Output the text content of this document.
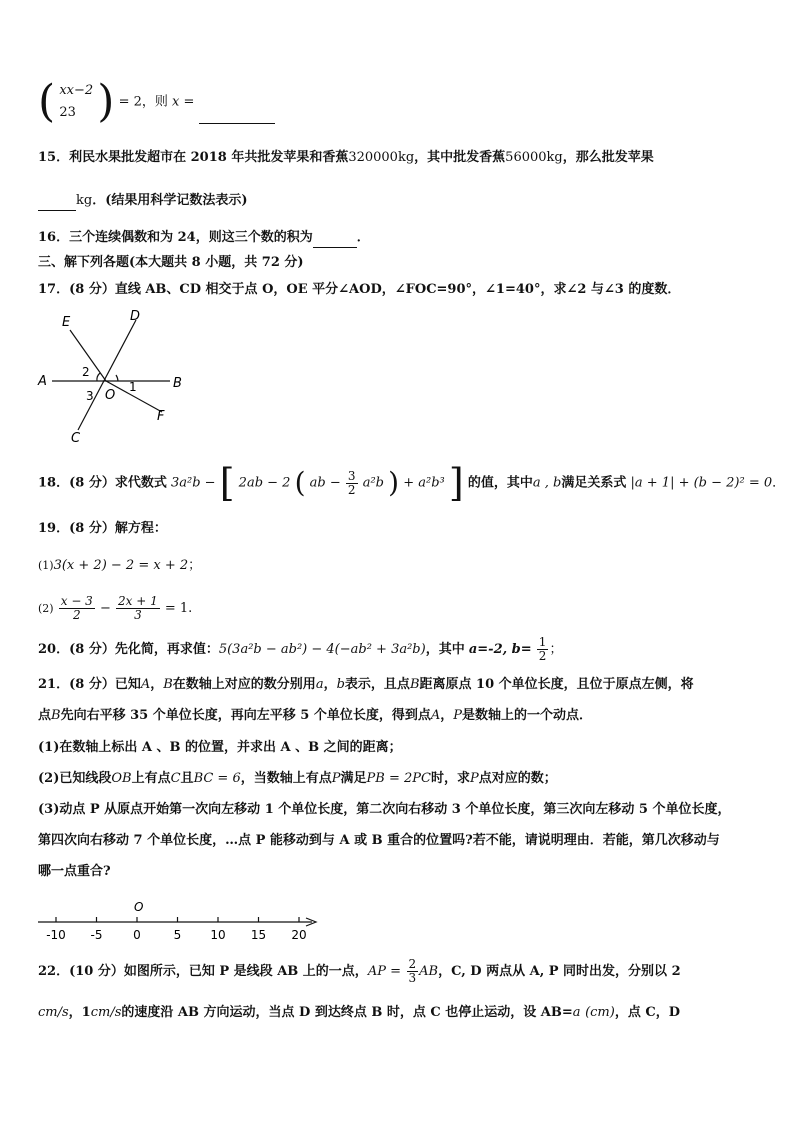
( xx−2
23 ) = 2，则 x =
15．利民水果批发超市在 2018 年共批发苹果和香蕉320000kg，其中批发香蕉56000kg，那么批发苹果
kg．(结果用科学记数法表示)
16．三个连续偶数和为 24，则这三个数的积为	．
三、解下列各题(本大题共 8 小题，共 72 分)
17．(8 分）直线 AB、CD 相交于点 O，OE 平分∠AOD，∠FOC=90°，∠1=40°，求∠2 与∠3 的度数．
E	D
A	B
O
F
C
1
2
3
18．(8 分）求代数式 3a²b − [ 2ab − 2 ( ab − $\frac{3}{2} a^2b$ ) + a²b³ ] 的值，其中a , b满足关系式 |a + 1| + (b − 2)² = 0．
19．(8 分）解方程：
(1)3(x + 2) − 2 = x + 2；
$(2) \frac{x - 3}{2} - \frac{2x + 1}{3} = 1$.
20．(8 分）先化简，再求值：5(3a²b − ab²) − 4(−ab² + 3a²b)，其中 a=-2, $b= \frac{1}{2}$ ；
21．(8 分）已知A，B在数轴上对应的数分别用a，b表示，且点B距离原点 10 个单位长度，且位于原点左侧，将
点B先向右平移 35 个单位长度，再向左平移 5 个单位长度，得到点A，P是数轴上的一个动点．
(1)在数轴上标出 A 、B 的位置，并求出 A 、B 之间的距离；
(2)已知线段OB上有点C且BC = 6，当数轴上有点P满足PB = 2PC时，求P点对应的数；
(3)动点 P 从原点开始第一次向左移动 1 个单位长度，第二次向右移动 3 个单位长度，第三次向左移动 5 个单位长度，
第四次向右移动 7 个单位长度，…点 P 能移动到与 A 或 B 重合的位置吗?若不能，请说明理由．若能，第几次移动与
哪一点重合?
O
-10 -5	0	5 10 15 20
22．(10 分）如图所示，已知 P 是线段 AB 上的一点，AP = $\frac{2}{3}$ AB，C, D 两点从 A, P 同时出发，分别以 2
cm/s，1cm/s的速度沿 AB 方向运动，当点 D 到达终点 B 时，点 C 也停止运动，设 AB=a (cm)，点 C，D
